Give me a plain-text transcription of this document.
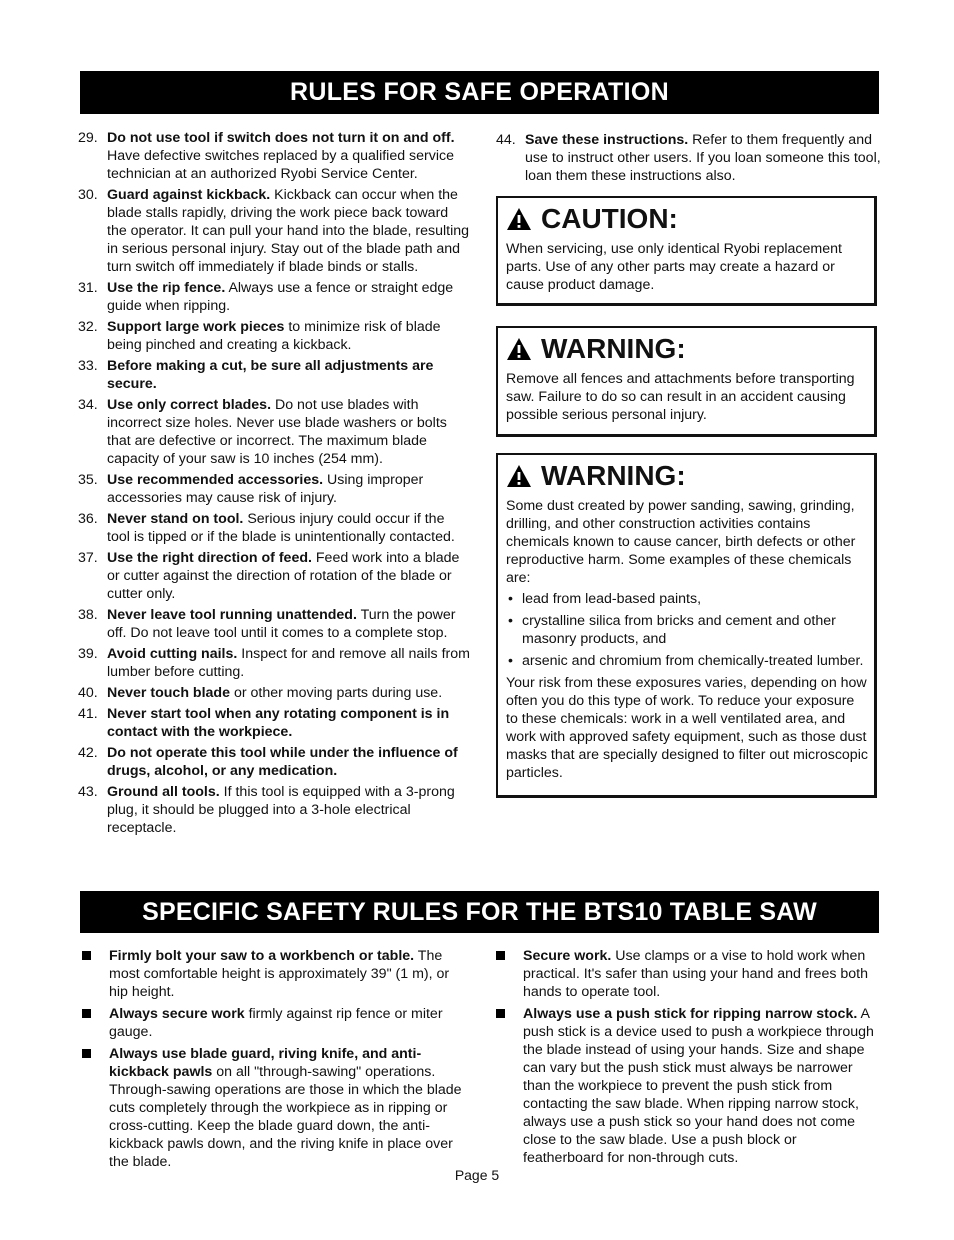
RULES FOR SAFE OPERATION
29. Do not use tool if switch does not turn it on and off. Have defective switches replaced by a qualified service technician at an authorized Ryobi Service Center.
30. Guard against kickback. Kickback can occur when the blade stalls rapidly, driving the work piece back toward the operator. It can pull your hand into the blade, resulting in serious personal injury. Stay out of the blade path and turn switch off immediately if blade binds or stalls.
31. Use the rip fence. Always use a fence or straight edge guide when ripping.
32. Support large work pieces to minimize risk of blade being pinched and creating a kickback.
33. Before making a cut, be sure all adjustments are secure.
34. Use only correct blades. Do not use blades with incorrect size holes. Never use blade washers or bolts that are defective or incorrect. The maximum blade capacity of your saw is 10 inches (254 mm).
35. Use recommended accessories. Using improper accessories may cause risk of injury.
36. Never stand on tool. Serious injury could occur if the tool is tipped or if the blade is unintentionally contacted.
37. Use the right direction of feed. Feed work into a blade or cutter against the direction of rotation of the blade or cutter only.
38. Never leave tool running unattended. Turn the power off. Do not leave tool until it comes to a complete stop.
39. Avoid cutting nails. Inspect for and remove all nails from lumber before cutting.
40. Never touch blade or other moving parts during use.
41. Never start tool when any rotating component is in contact with the workpiece.
42. Do not operate this tool while under the influence of drugs, alcohol, or any medication.
43. Ground all tools. If this tool is equipped with a 3-prong plug, it should be plugged into a 3-hole electrical receptacle.
44. Save these instructions. Refer to them frequently and use to instruct other users. If you loan someone this tool, loan them these instructions also.
CAUTION:

When servicing, use only identical Ryobi replacement parts. Use of any other parts may create a hazard or cause product damage.

WARNING:

Remove all fences and attachments before transporting saw. Failure to do so can result in an accident causing possible serious personal injury.

WARNING:

Some dust created by power sanding, sawing, grinding, drilling, and other construction activities contains chemicals known to cause cancer, birth defects or other reproductive harm. Some examples of these chemicals are:

• lead from lead-based paints,
• crystalline silica from bricks and cement and other masonry products, and
• arsenic and chromium from chemically-treated lumber.

Your risk from these exposures varies, depending on how often you do this type of work. To reduce your exposure to these chemicals: work in a well ventilated area, and work with approved safety equipment, such as those dust masks that are specially designed to filter out microscopic particles.

SPECIFIC SAFETY RULES FOR THE BTS10 TABLE SAW
Firmly bolt your saw to a workbench or table. The most comfortable height is approximately 39" (1 m), or hip height.
Always secure work firmly against rip fence or miter gauge.
Always use blade guard, riving knife, and anti-kickback pawls on all "through-sawing" operations. Through-sawing operations are those in which the blade cuts completely through the workpiece as in ripping or cross-cutting. Keep the blade guard down, the anti-kickback pawls down, and the riving knife in place over the blade.
Secure work. Use clamps or a vise to hold work when practical. It's safer than using your hand and frees both hands to operate tool.
Always use a push stick for ripping narrow stock. A push stick is a device used to push a workpiece through the blade instead of using your hands. Size and shape can vary but the push stick must always be narrower than the workpiece to prevent the push stick from contacting the saw blade. When ripping narrow stock, always use a push stick so your hand does not come close to the saw blade. Use a push block or featherboard for non-through cuts.
Page 5
